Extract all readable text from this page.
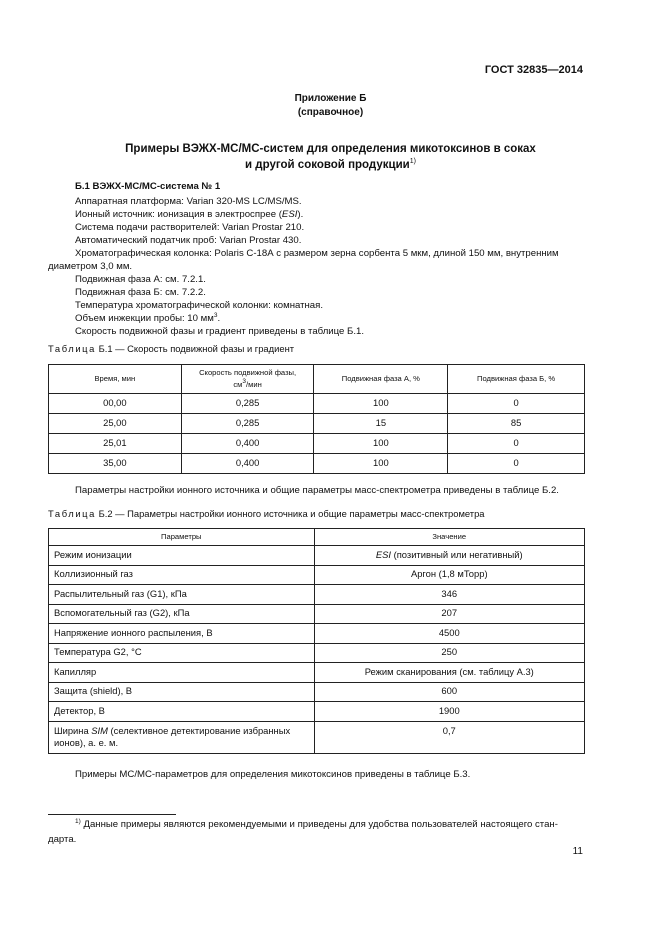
ГОСТ 32835—2014
Приложение Б
(справочное)
Примеры ВЭЖХ-МС/МС-систем для определения микотоксинов в соках
и другой соковой продукции$^{1)}$
Б.1 ВЭЖХ-МС/МС-система № 1
Аппаратная платформа: Varian 320-MS LC/MS/MS.
Ионный источник: ионизация в электроспрее (ESI).
Система подачи растворителей: Varian Prostar 210.
Автоматический податчик проб: Varian Prostar 430.
Хроматографическая колонка: Polaris С-18А с размером зерна сорбента 5 мкм, длиной 150 мм, внутренним
диаметром 3,0 мм.
Подвижная фаза А: см. 7.2.1.
Подвижная фаза Б: см. 7.2.2.
Температура хроматографической колонки: комнатная.
Объем инжекции пробы: 10 $мм^3$.
Скорость подвижной фазы и градиент приведены в таблице Б.1.
Таблица Б.1 — Скорость подвижной фазы и градиент
Время, мин	Скорость подвижной фазы,
$см^3$/мин	Подвижная фаза А, %	Подвижная фаза Б, %
00,00	0,285	100	0
25,00	0,285	15	85
25,01	0,400	100	0
35,00	0,400	100	0
Параметры настройки ионного источника и общие параметры масс-спектрометра приведены в таблице Б.2.
Таблица Б.2 — Параметры настройки ионного источника и общие параметры масс-спектрометра
Параметры	Значение
Режим ионизации	ESI (позитивный или негативный)
Коллизионный газ	Аргон (1,8 мТорр)
Распылительный газ (G1), кПа	346
Вспомогательный газ (G2), кПа	207
Напряжение ионного распыления, В	4500
Температура G2, °C	250
Капилляр	Режим сканирования (см. таблицу А.3)
Защита (shield), В	600
Детектор, В	1900
Ширина SIM (селективное детектирование избранных ионов), а. е. м.	0,7
Примеры МС/МС-параметров для определения микотоксинов приведены в таблице Б.3.
$^{1)}$ Данные примеры являются рекомендуемыми и приведены для удобства пользователей настоящего стан-
дарта.
11
